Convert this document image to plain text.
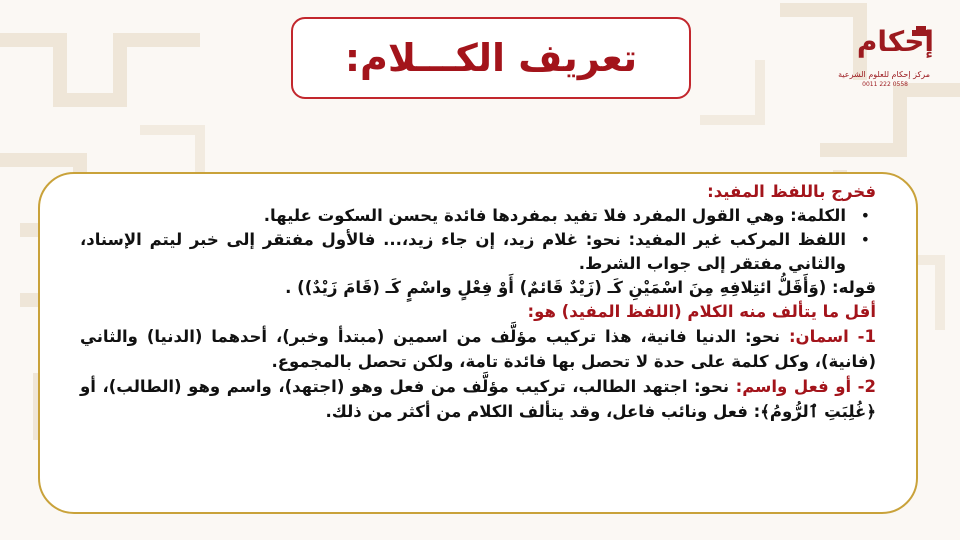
تعريف الكـــلام:	إحكام
مركز إحكام للعلوم الشرعية
0558 222 0011

فخرج باللفظ المفيد:

•

الكلمة: وهي القول المفرد فلا تفيد بمفردها فائدة يحسن السكوت عليها.

•

اللفظ المركب غير المفيد: نحو: غلام زيد، إن جاء زيد،... فالأول مفتقر إلى خبر ليتم الإسناد، والثاني مفتقر إلى جواب الشرط.

قوله: (وَأَقَلُّ ائتِلافِهِ مِنَ اسْمَيْنِ كَـ (زَيْدٌ قَائمٌ) أَوْ فِعْلٍ واسْمٍ كَـ (قَامَ زَيْدٌ)) .

أقل ما يتألف منه الكلام (اللفظ المفيد) هو:

1- اسمان: نحو: الدنيا فانية، هذا تركيب مؤلَّف من اسمين (مبتدأ وخبر)، أحدهما (الدنيا) والثاني (فانية)، وكل كلمة على حدة لا تحصل بها فائدة تامة، ولكن تحصل بالمجموع.

2- أو فعل واسم: نحو: اجتهد الطالب، تركيب مؤلَّف من فعل وهو (اجتهد)، واسم وهو (الطالب)، أو ﴿غُلِبَتِ ٱلرُّومُ﴾: فعل ونائب فاعل، وقد يتألف الكلام من أكثر من ذلك.
